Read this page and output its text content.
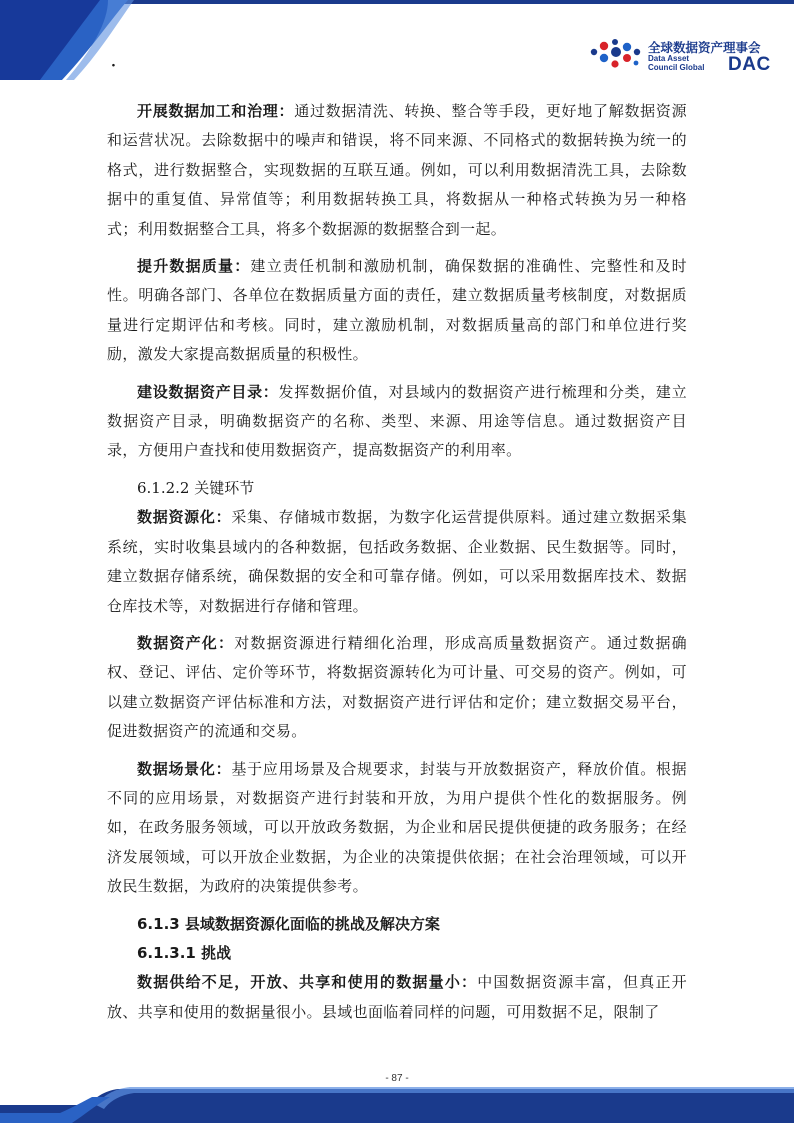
·
全球数据资产理事会
Data Asset
Council Global DAC

开展数据加工和治理：通过数据清洗、转换、整合等手段，更好地了解数据资源和运营状况。去除数据中的噪声和错误，将不同来源、不同格式的数据转换为统一的格式，进行数据整合，实现数据的互联互通。例如，可以利用数据清洗工具，去除数据中的重复值、异常值等；利用数据转换工具，将数据从一种格式转换为另一种格式；利用数据整合工具，将多个数据源的数据整合到一起。

提升数据质量：建立责任机制和激励机制，确保数据的准确性、完整性和及时性。明确各部门、各单位在数据质量方面的责任，建立数据质量考核制度，对数据质量进行定期评估和考核。同时，建立激励机制，对数据质量高的部门和单位进行奖励，激发大家提高数据质量的积极性。

建设数据资产目录：发挥数据价值，对县域内的数据资产进行梳理和分类，建立数据资产目录，明确数据资产的名称、类型、来源、用途等信息。通过数据资产目录，方便用户查找和使用数据资产，提高数据资产的利用率。

6.1.2.2 关键环节

数据资源化：采集、存储城市数据，为数字化运营提供原料。通过建立数据采集系统，实时收集县域内的各种数据，包括政务数据、企业数据、民生数据等。同时，建立数据存储系统，确保数据的安全和可靠存储。例如，可以采用数据库技术、数据仓库技术等，对数据进行存储和管理。

数据资产化：对数据资源进行精细化治理，形成高质量数据资产。通过数据确权、登记、评估、定价等环节，将数据资源转化为可计量、可交易的资产。例如，可以建立数据资产评估标准和方法，对数据资产进行评估和定价；建立数据交易平台，促进数据资产的流通和交易。

数据场景化：基于应用场景及合规要求，封装与开放数据资产，释放价值。根据不同的应用场景，对数据资产进行封装和开放，为用户提供个性化的数据服务。例如，在政务服务领域，可以开放政务数据，为企业和居民提供便捷的政务服务；在经济发展领域，可以开放企业数据，为企业的决策提供依据；在社会治理领域，可以开放民生数据，为政府的决策提供参考。

6.1.3 县域数据资源化面临的挑战及解决方案
6.1.3.1 挑战

数据供给不足，开放、共享和使用的数据量小：中国数据资源丰富，但真正开放、共享和使用的数据量很小。县域也面临着同样的问题，可用数据不足，限制了

- 87 -
